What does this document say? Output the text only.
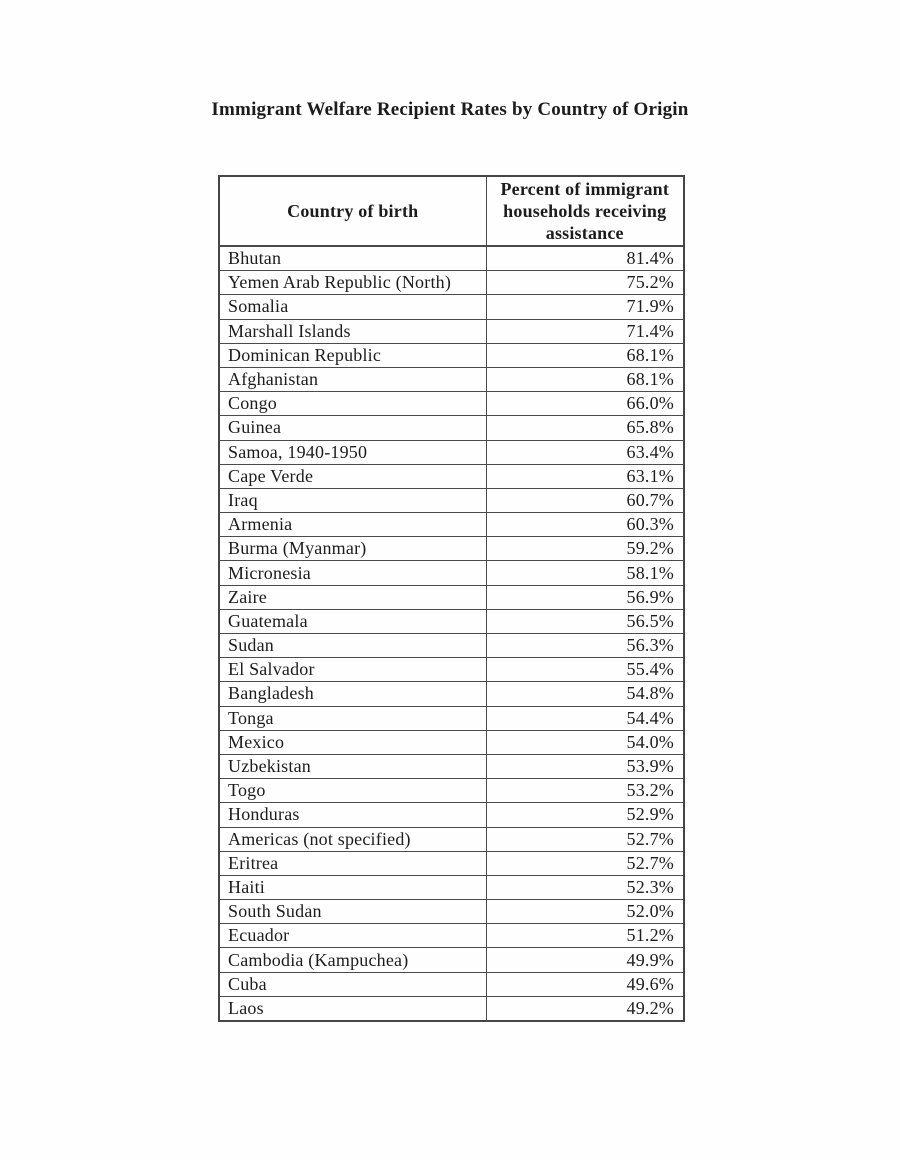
Immigrant Welfare Recipient Rates by Country of Origin
Country of birth	Percent of immigrant
households receiving
assistance

Bhutan	81.4%
Yemen Arab Republic (North)	75.2%
Somalia	71.9%
Marshall Islands	71.4%
Dominican Republic	68.1%
Afghanistan	68.1%
Congo	66.0%
Guinea	65.8%
Samoa, 1940-1950	63.4%
Cape Verde	63.1%
Iraq	60.7%
Armenia	60.3%
Burma (Myanmar)	59.2%
Micronesia	58.1%
Zaire	56.9%
Guatemala	56.5%
Sudan	56.3%
El Salvador	55.4%
Bangladesh	54.8%
Tonga	54.4%
Mexico	54.0%
Uzbekistan	53.9%
Togo	53.2%
Honduras	52.9%
Americas (not specified)	52.7%
Eritrea	52.7%
Haiti	52.3%
South Sudan	52.0%
Ecuador	51.2%
Cambodia (Kampuchea)	49.9%
Cuba	49.6%
Laos	49.2%
